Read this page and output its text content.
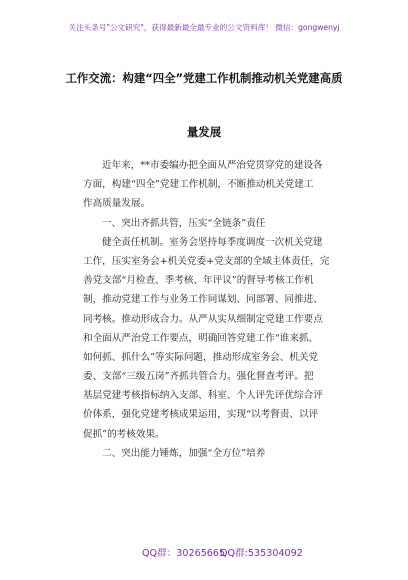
关注头条号"公文研究"，获得最新最全最专业的公文资料库！ 微信：gongwenyj
工作交流：构建“四全”党建工作机制推动机关党建高质
量发展
近年来，**市委编办把全面从严治党贯穿党的建设各
方面，构建“四全”党建工作机制，不断推动机关党建工
作高质量发展。
一、突出齐抓共管，压实“全链条”责任
健全责任机制。室务会坚持每季度调度一次机关党建
工作，压实室务会+机关党委+党支部的全域主体责任，完
善党支部“月检查、季考核、年评议”的督导考核工作机
制，推动党建工作与业务工作同谋划、同部署、同推进、
同考核。推动形成合力。从严从实从细制定党建工作要点
和全面从严治党工作要点，明确回答党建工作“谁来抓、
如何抓、抓什么”等实际问题，推动形成室务会、机关党
委、支部“三级五岗”齐抓共管合力。强化督查考评。把
基层党建考核指标纳入支部、科室、个人评先评优综合评
价体系，强化党建考核成果运用，实现“以考督责、以评
促抓”的考核效果。
二、突出能力锤炼，加强“全方位”培养
QQ群：30265665
QQ群:535304092
